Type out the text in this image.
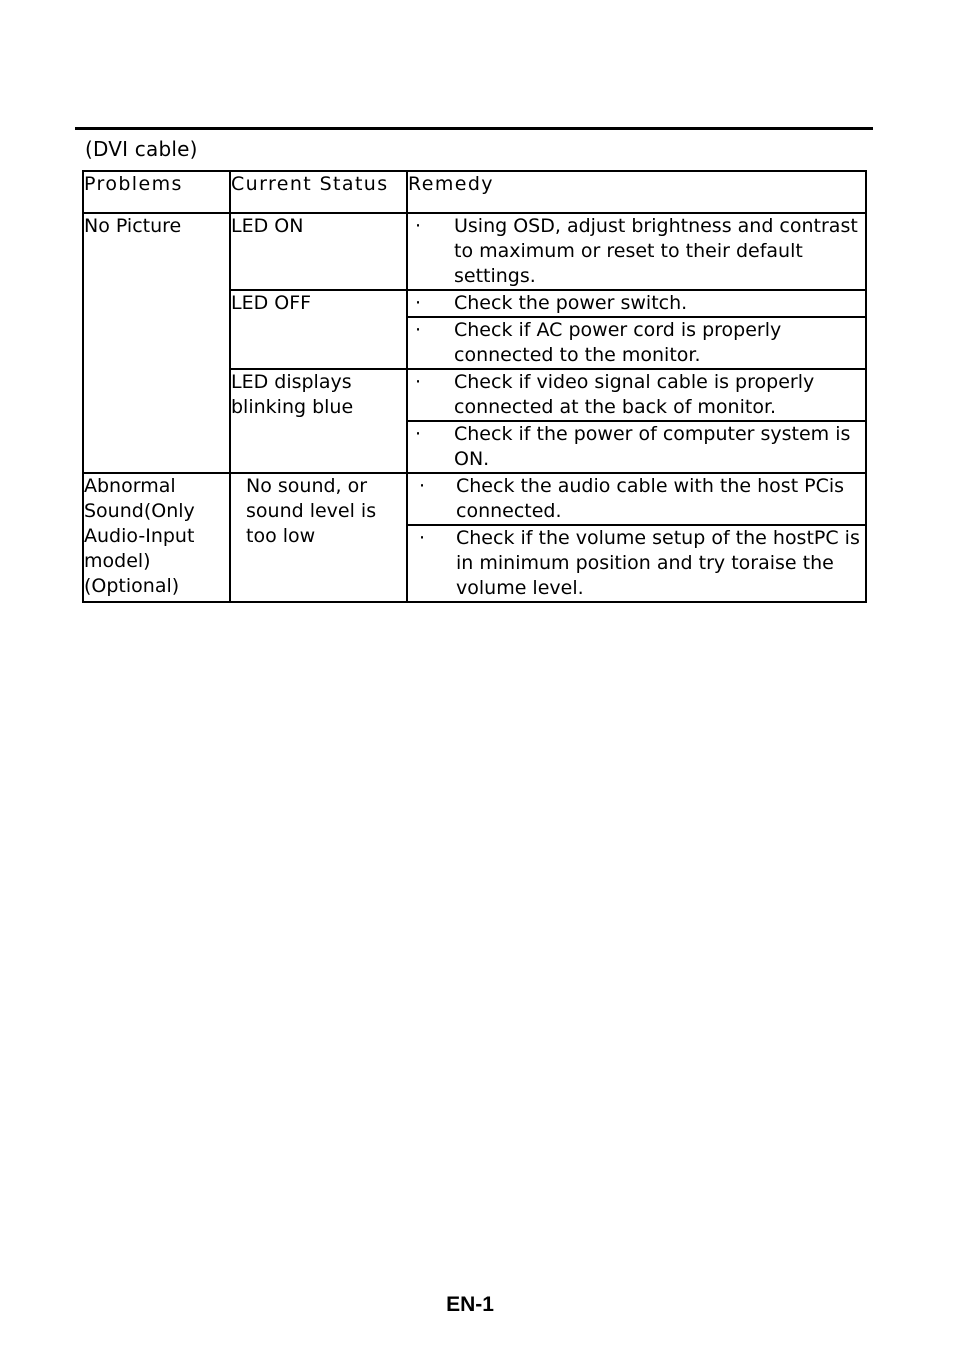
(DVI cable)
Problems	Current Status	Remedy
No Picture	LED ON	· Using OSD, adjust brightness and contrast to maximum or reset to their default settings.

	LED OFF	· Check the power switch.

		· Check if AC power cord is properly connected to the monitor.

	LED displays blinking blue	· Check if video signal cable is properly connected at the back of monitor.

		· Check if the power of computer system is ON.

Abnormal Sound(Only Audio-Input model) (Optional)	No sound, or sound level is too low	· Check the audio cable with the host PCis connected.

		· Check if the volume setup of the hostPC is in minimum position and try toraise the volume level.
EN-1
